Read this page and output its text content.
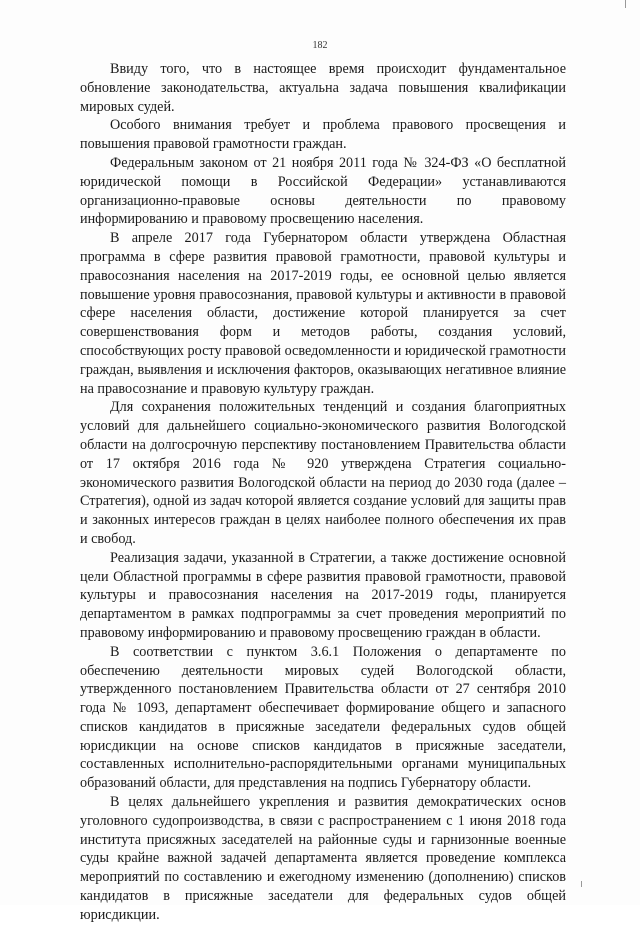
182

Ввиду того, что в настоящее время происходит фундаментальное обновление законодательства, актуальна задача повышения квалификации мировых судей.

Особого внимания требует и проблема правового просвещения и повышения правовой грамотности граждан.

Федеральным законом от 21 ноября 2011 года № 324-ФЗ «О бесплатной юридической помощи в Российской Федерации» устанавливаются организационно-правовые основы деятельности по правовому информированию и правовому просвещению населения.

В апреле 2017 года Губернатором области утверждена Областная программа в сфере развития правовой грамотности, правовой культуры и правосознания населения на 2017-2019 годы, ее основной целью является повышение уровня правосознания, правовой культуры и активности в правовой сфере населения области, достижение которой планируется за счет совершенствования форм и методов работы, создания условий, способствующих росту правовой осведомленности и юридической грамотности граждан, выявления и исключения факторов, оказывающих негативное влияние на правосознание и правовую культуру граждан.

Для сохранения положительных тенденций и создания благоприятных условий для дальнейшего социально-экономического развития Вологодской области на долгосрочную перспективу постановлением Правительства области от 17 октября 2016 года № 920 утверждена Стратегия социально-экономического развития Вологодской области на период до 2030 года (далее – Стратегия), одной из задач которой является создание условий для защиты прав и законных интересов граждан в целях наиболее полного обеспечения их прав и свобод.

Реализация задачи, указанной в Стратегии, а также достижение основной цели Областной программы в сфере развития правовой грамотности, правовой культуры и правосознания населения на 2017-2019 годы, планируется департаментом в рамках подпрограммы за счет проведения мероприятий по правовому информированию и правовому просвещению граждан в области.

В соответствии с пунктом 3.6.1 Положения о департаменте по обеспечению деятельности мировых судей Вологодской области, утвержденного постановлением Правительства области от 27 сентября 2010 года № 1093, департамент обеспечивает формирование общего и запасного списков кандидатов в присяжные заседатели федеральных судов общей юрисдикции на основе списков кандидатов в присяжные заседатели, составленных исполнительно-распорядительными органами муниципальных образований области, для представления на подпись Губернатору области.

В целях дальнейшего укрепления и развития демократических основ уголовного судопроизводства, в связи с распространением с 1 июня 2018 года института присяжных заседателей на районные суды и гарнизонные военные суды крайне важной задачей департамента является проведение комплекса мероприятий по составлению и ежегодному изменению (дополнению) списков кандидатов в присяжные заседатели для федеральных судов общей юрисдикции.
